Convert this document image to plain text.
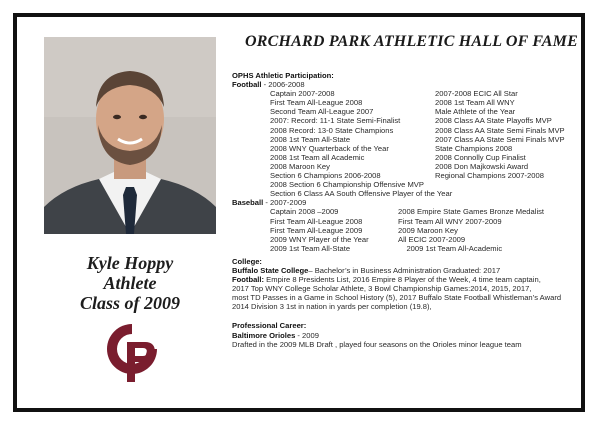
Kyle Hoppy
Athlete
Class of 2009
ORCHARD PARK ATHLETIC HALL OF FAME
OPHS Athletic Participation:
Football - 2006-2008
Captain 2007-2008
First Team All-League 2008
Second Team All-League 2007
2007: Record: 11-1 State Semi-Finalist
2008 Record: 13-0 State Champions
2008 1st Team All-State
2008 WNY Quarterback of the Year
2008 1st Team all Academic
2008 Maroon Key
Section 6 Champions 2006-2008
2008 Section 6 Championship Offensive MVP
Section 6 Class AA South Offensive Player of the Year
2007-2008 ECIC All Star
2008 1st Team All WNY
Male Athlete of the Year
2008 Class AA State Playoffs MVP
2008 Class AA State Semi Finals MVP
2007 Class AA State Semi Finals MVP
State Champions 2008
2008 Connolly Cup Finalist
2008 Don Majkowski Award
Regional Champions 2007-2008
Baseball - 2007-2009
Captain 2008 –2009
First Team All-League 2008
First Team All-League 2009
2009 WNY Player of the Year
2009 1st Team All-State
2008 Empire State Games Bronze Medalist
First Team All WNY 2007-2009
2009 Maroon Key
All ECIC 2007-2009
2009 1st Team All-Academic
College:
Buffalo State College– Bachelor’s in Business Administration Graduated: 2017
Football: Empire 8 Presidents List, 2016 Empire 8 Player of the Week, 4 time team captain,
2017 Top WNY College Scholar Athlete, 3 Bowl Championship Games:2014, 2015, 2017,
most TD Passes in a Game in School History (5), 2017 Buffalo State Football Whistleman’s Award
2014 Division 3 1st in nation in yards per completion (19.8),
Professional Career:
Baltimore Orioles - 2009
Drafted in the 2009 MLB Draft , played four seasons on the Orioles minor league team
